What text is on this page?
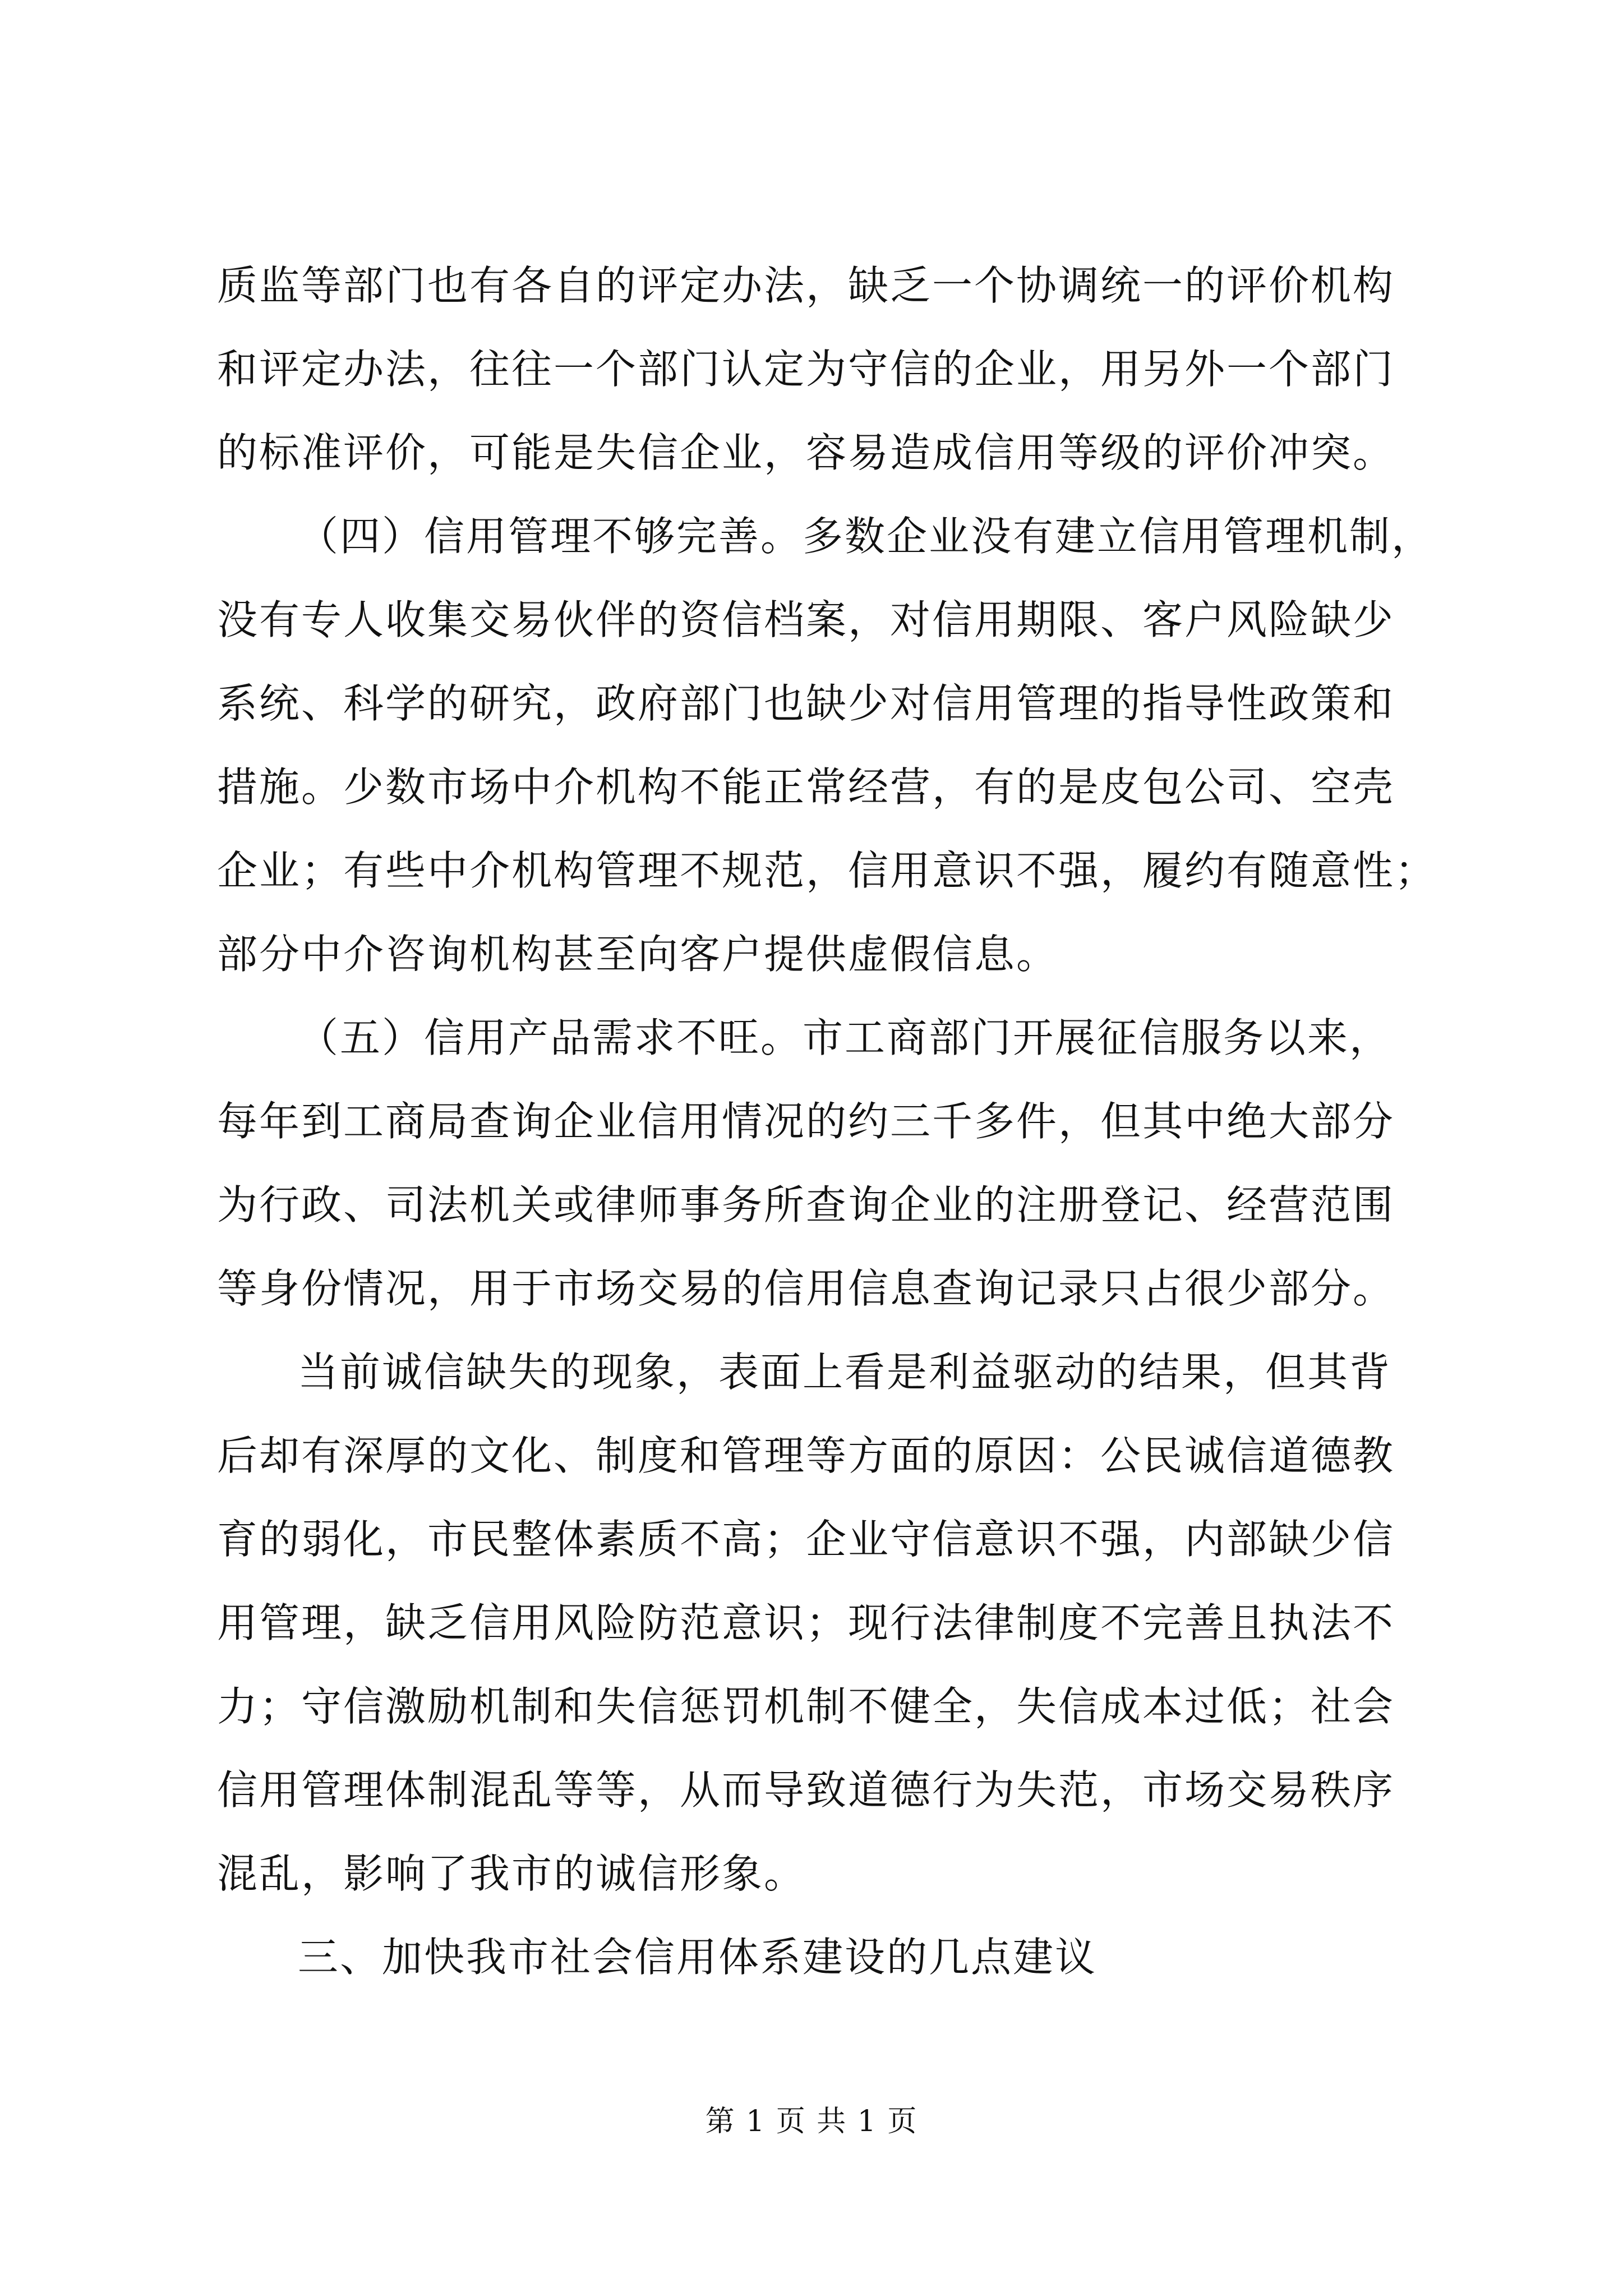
质监等部门也有各自的评定办法，缺乏一个协调统一的评价机构
和评定办法，往往一个部门认定为守信的企业，用另外一个部门
的标准评价，可能是失信企业，容易造成信用等级的评价冲突。
（四）信用管理不够完善。多数企业没有建立信用管理机制，
没有专人收集交易伙伴的资信档案，对信用期限、客户风险缺少
系统、科学的研究，政府部门也缺少对信用管理的指导性政策和
措施。少数市场中介机构不能正常经营，有的是皮包公司、空壳
企业；有些中介机构管理不规范，信用意识不强，履约有随意性；
部分中介咨询机构甚至向客户提供虚假信息。
（五）信用产品需求不旺。市工商部门开展征信服务以来，
每年到工商局查询企业信用情况的约三千多件，但其中绝大部分
为行政、司法机关或律师事务所查询企业的注册登记、经营范围
等身份情况，用于市场交易的信用信息查询记录只占很少部分。
当前诚信缺失的现象，表面上看是利益驱动的结果，但其背
后却有深厚的文化、制度和管理等方面的原因：公民诚信道德教
育的弱化，市民整体素质不高；企业守信意识不强，内部缺少信
用管理，缺乏信用风险防范意识；现行法律制度不完善且执法不
力；守信激励机制和失信惩罚机制不健全，失信成本过低；社会
信用管理体制混乱等等，从而导致道德行为失范，市场交易秩序
混乱，影响了我市的诚信形象。
三、加快我市社会信用体系建设的几点建议
第 1 页 共 1 页
